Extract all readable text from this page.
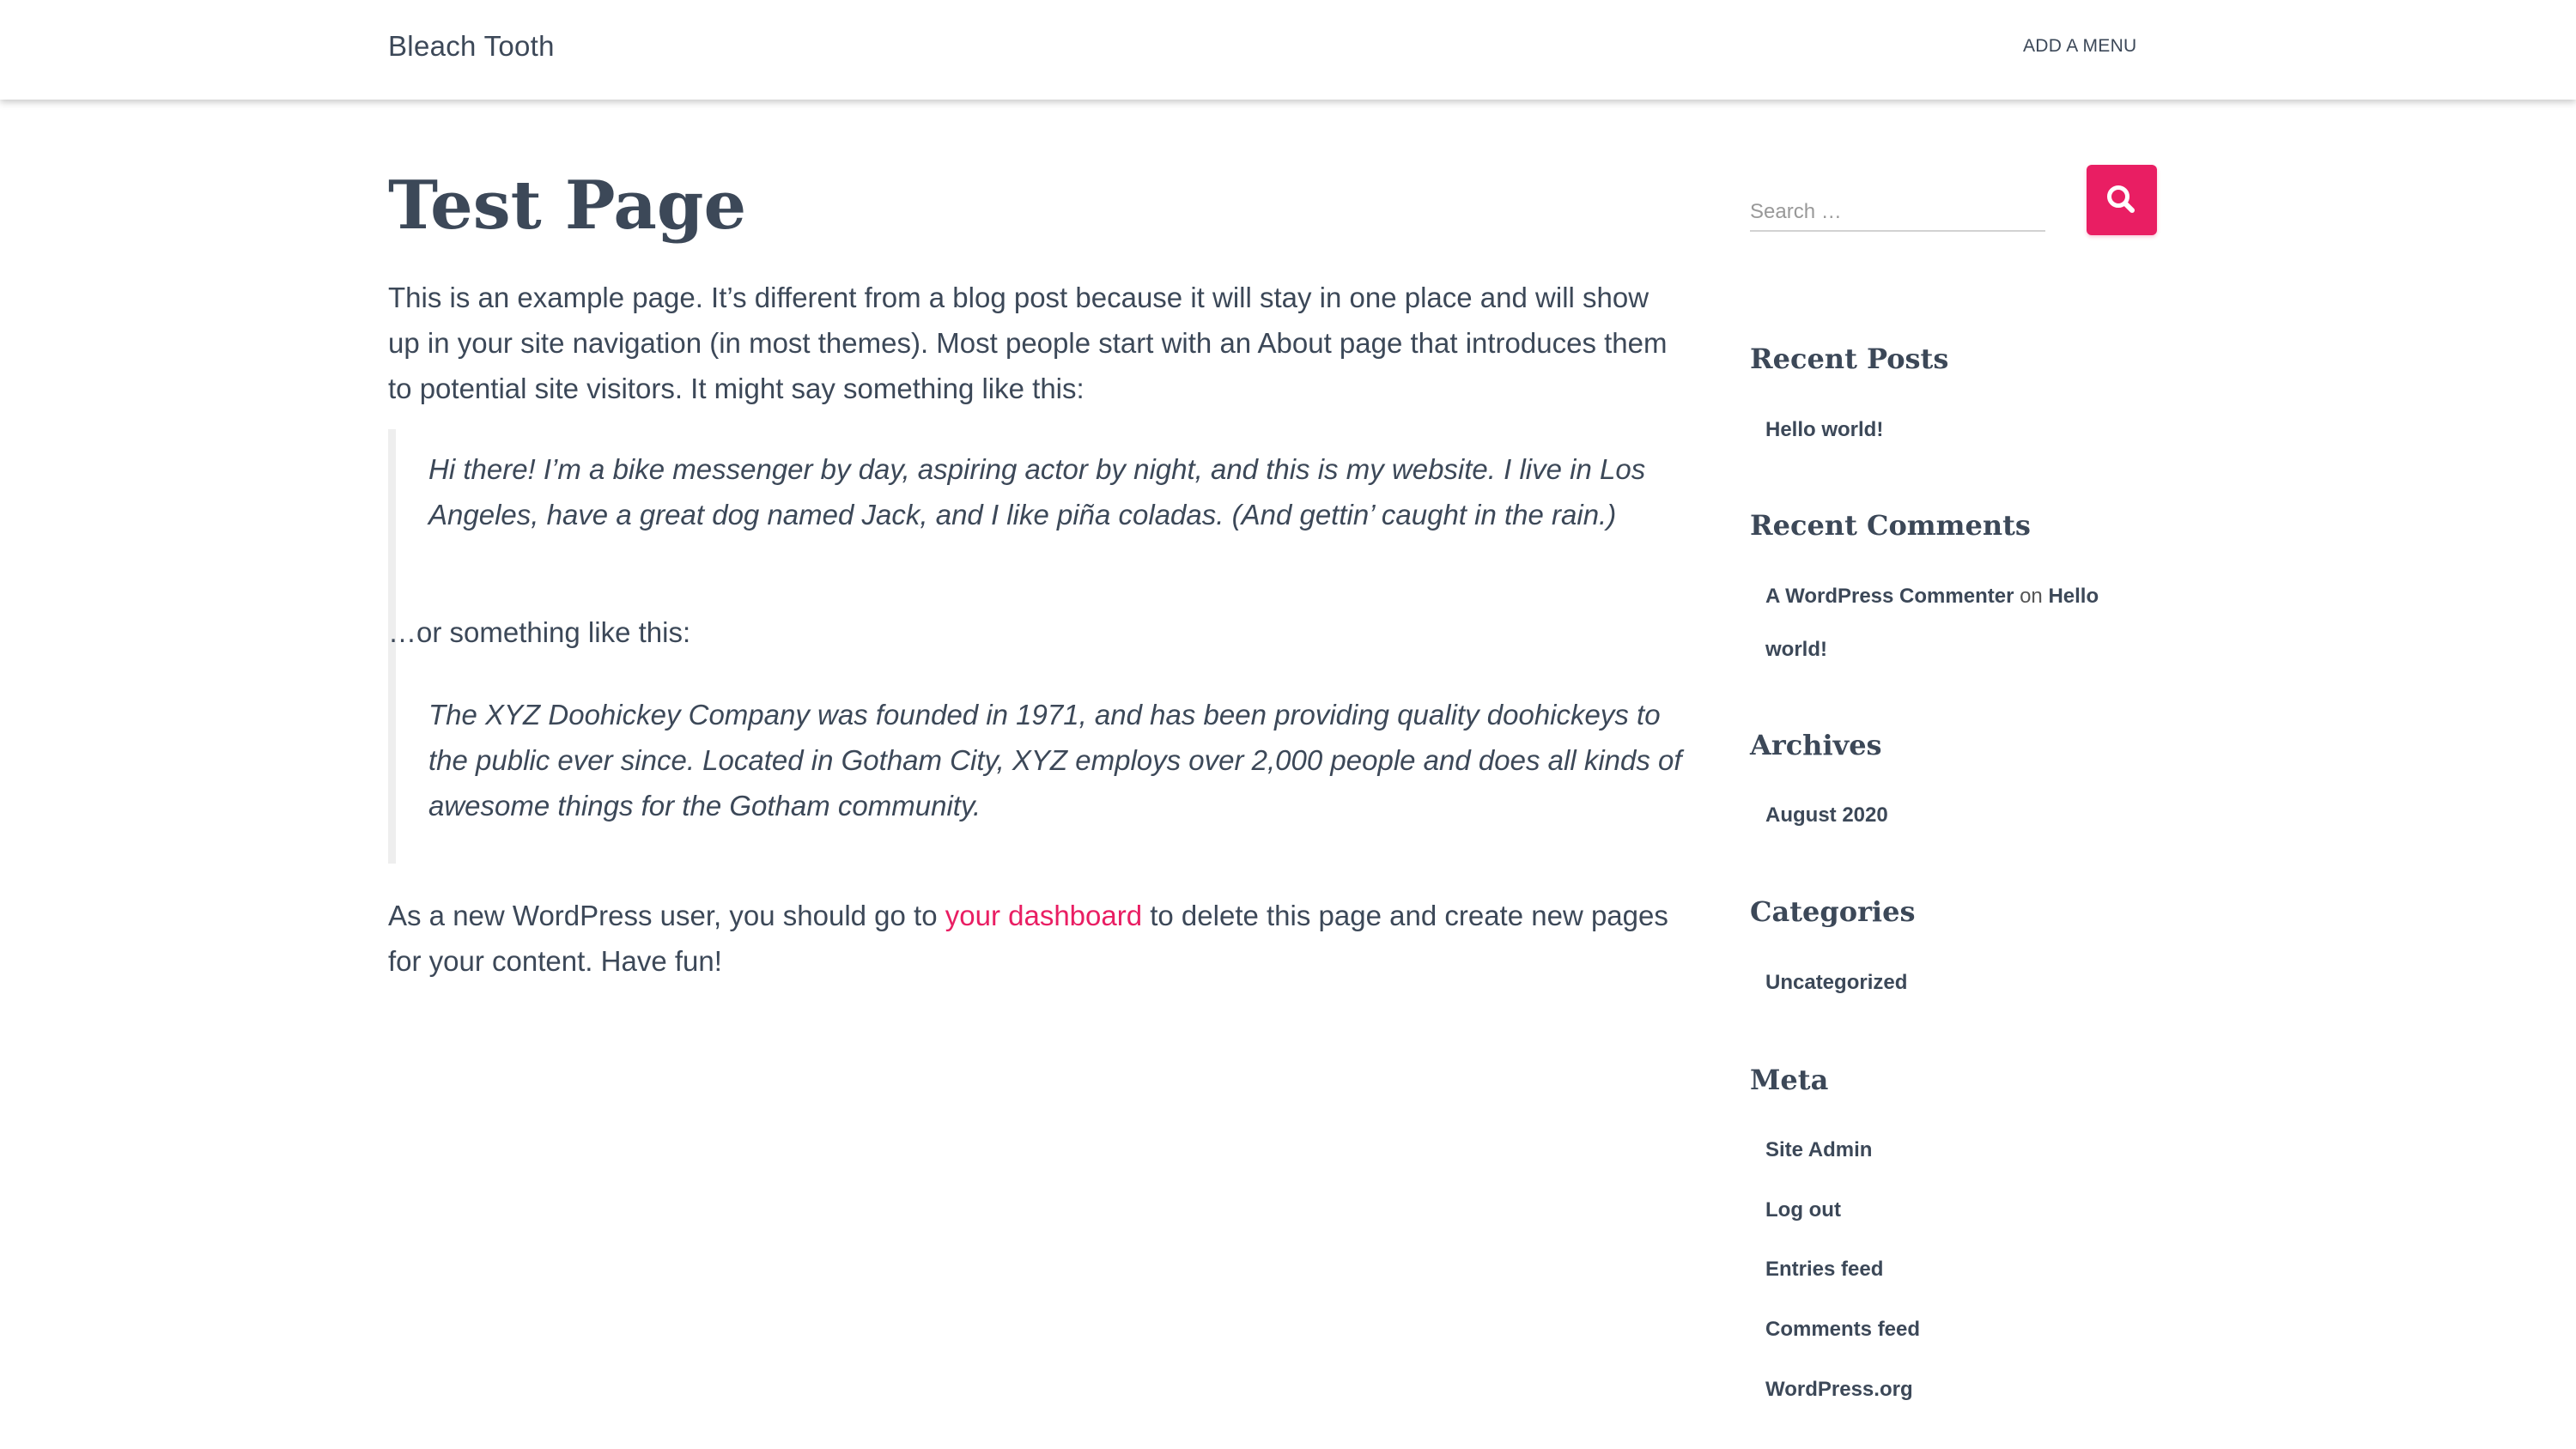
Bleach Tooth	ADD A MENU
Test Page

This is an example page. It’s different from a blog post because it will stay in one place and will show up in your site navigation (in most themes). Most people start with an About page that introduces them to potential site visitors. It might say something like this:

Hi there! I’m a bike messenger by day, aspiring actor by night, and this is my website. I live in Los Angeles, have a great dog named Jack, and I like piña coladas. (And gettin’ caught in the rain.)

…or something like this:

The XYZ Doohickey Company was founded in 1971, and has been providing quality doohickeys to the public ever since. Located in Gotham City, XYZ employs over 2,000 people and does all kinds of awesome things for the Gotham community.

As a new WordPress user, you should go to your dashboard to delete this page and create new pages for your content. Have fun!

Search …
Recent Posts
Hello world!
Recent Comments
A WordPress Commenter on Hello world!
Archives
August 2020
Categories
Uncategorized
Meta
Site Admin
Log out
Entries feed
Comments feed
WordPress.org
